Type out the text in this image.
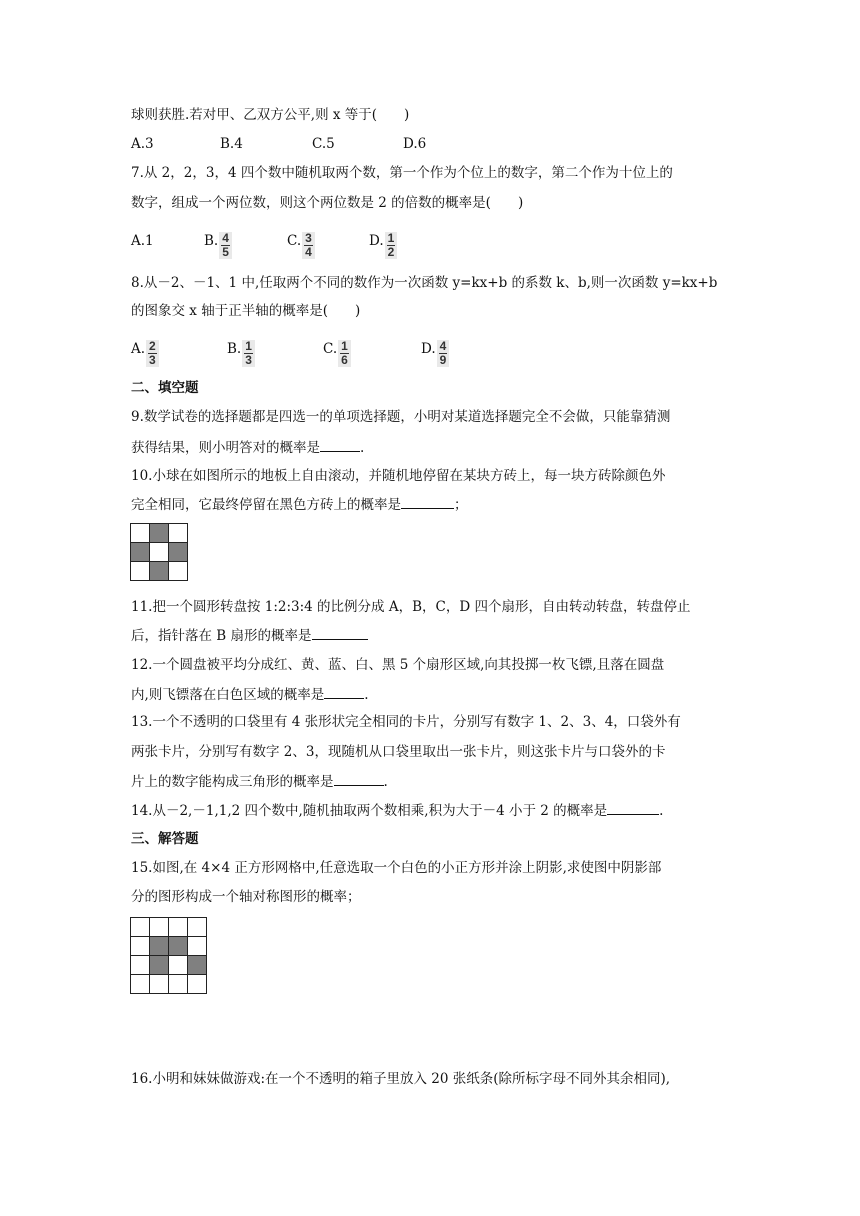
球则获胜.若对甲、乙双方公平,则 x 等于(　　)
A.3	B.4	C.5	D.6
7.从 2，2，3，4 四个数中随机取两个数，第一个作为个位上的数字，第二个作为十位上的
数字，组成一个两位数，则这个两位数是 2 的倍数的概率是(　　)
A.1	B. $\frac{4}{5}$	C. $\frac{3}{4}$	D. $\frac{1}{2}$
8.从－2、－1、1 中,任取两个不同的数作为一次函数 y=kx+b 的系数 k、b,则一次函数 y=kx+b
的图象交 x 轴于正半轴的概率是(　　)
A. $\frac{2}{3}$	B. $\frac{1}{3}$	C. $\frac{1}{6}$	D. $\frac{4}{9}$
二、填空题
9.数学试卷的选择题都是四选一的单项选择题，小明对某道选择题完全不会做，只能靠猜测
获得结果，则小明答对的概率是	.
10.小球在如图所示的地板上自由滚动，并随机地停留在某块方砖上，每一块方砖除颜色外
完全相同，它最终停留在黑色方砖上的概率是	；
11.把一个圆形转盘按 1:2:3:4 的比例分成 A，B，C，D 四个扇形，自由转动转盘，转盘停止
后，指针落在 B 扇形的概率是
12.一个圆盘被平均分成红、黄、蓝、白、黑 5 个扇形区域,向其投掷一枚飞镖,且落在圆盘
内,则飞镖落在白色区域的概率是	.
13.一个不透明的口袋里有 4 张形状完全相同的卡片，分别写有数字 1、2、3、4，口袋外有
两张卡片，分别写有数字 2、3，现随机从口袋里取出一张卡片，则这张卡片与口袋外的卡
片上的数字能构成三角形的概率是	.
14.从－2,－1,1,2 四个数中,随机抽取两个数相乘,积为大于－4 小于 2 的概率是	.
三、解答题
15.如图,在 4×4 正方形网格中,任意选取一个白色的小正方形并涂上阴影,求使图中阴影部
分的图形构成一个轴对称图形的概率；
16.小明和妹妹做游戏:在一个不透明的箱子里放入 20 张纸条(除所标字母不同外其余相同),
